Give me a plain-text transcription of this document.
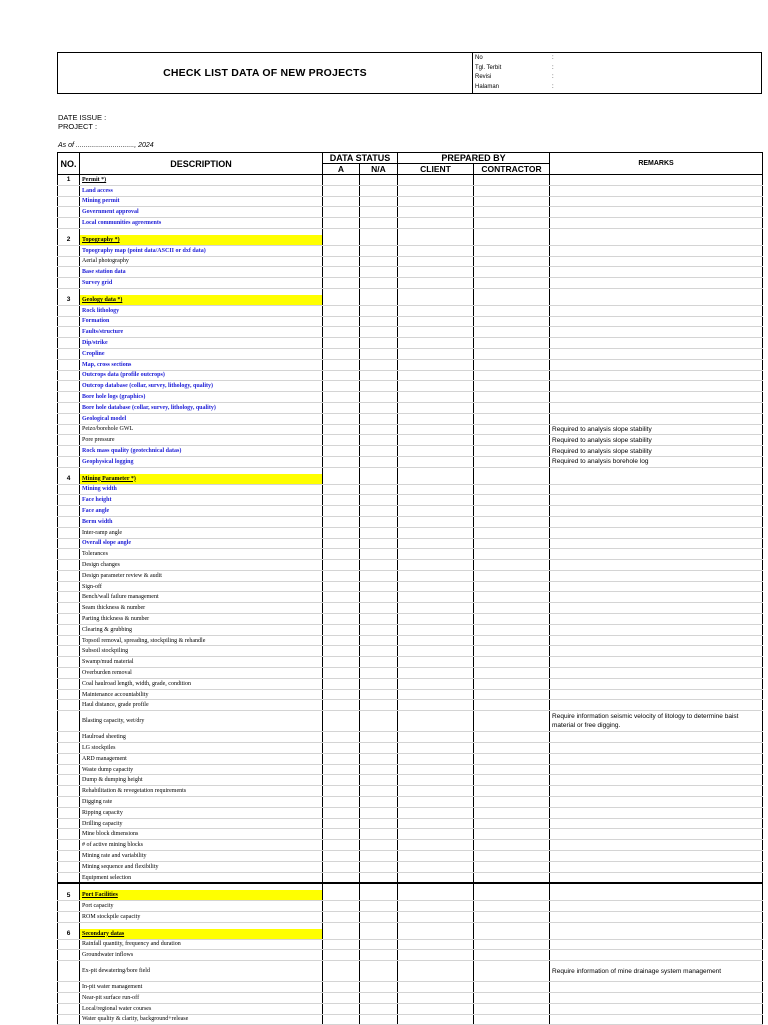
CHECK LIST DATA OF NEW PROJECTS
No	:
Tgl. Terbit	:
Revisi	:
Halaman	:
DATE ISSUE :
PROJECT :
As of .............................., 2024
NO.	DESCRIPTION	DATA STATUS		PREPARED BY		REMARKS
		A	N/A	CLIENT	CONTRACTOR	
1	Permit *)					
	Land access					
	Mining permit					
	Government approval					
	Local communities agreements					

2	Topography *)					
	Topography map (point data/ASCII or dxf data)					
	Aerial photography					
	Base station data					
	Survey grid					

3	Geology data *)					
	Rock lithology					
	Formation					
	Faults/structure					
	Dip/strike					
	Cropline					
	Map, cross sections					
	Outcrops data (profile outcrops)					
	Outcrop database (collar, survey, lithology, quality)					
	Bore hole logs (graphics)					
	Bore hole database (collar, survey, lithology, quality)					
	Geological model					
	Peizo/borehole GWL					Required to analysis slope stability
	Pore pressure					Required to analysis slope stability
	Rock mass quality (geotechnical datas)					Required to analysis slope stability
	Geophysical logging					Required to analysis borehole log

4	Mining Parameter *)					
	Mining width					
	Face height					
	Face angle					
	Berm width					
	Inter-ramp angle					
	Overall slope angle					
	Tolerances					
	Design changes					
	Design parameter review & audit					
	Sign-off					
	Bench/wall failure management					
	Seam thickness & number					
	Parting thickness & number					
	Clearing & grubbing					
	Topsoil removal, spreading, stockpiling & rehandle					
	Subsoil stockpiling					
	Swamp/mud material					
	Overburden removal					
	Coal haulroad length, width, grade, condition					
	Maintenance accountability					
	Haul distance, grade profile					
	Blasting capacity, wet/dry					Require information seismic velocity of litology to determine baist material or free digging.
	Haulroad sheeting					
	LG stockpiles					
	ARD management					
	Waste dump capacity					
	Dump & dumping height					
	Rehabilitation & revegetation requirements					
	Digging rate					
	Ripping capacity					
	Drilling capacity					
	Mine block dimensions					
	# of active mining blocks					
	Mining rate and variability					
	Mining sequence and flexibility					
	Equipment selection					

5	Port Facilities					
	Port capacity					
	ROM stockpile capacity					

6	Secondary datas					
	Rainfall quantity, frequency and duration					
	Groundwater inflows					
	Ex-pit dewatering/bore field					Require information of mine drainage system management
	In-pit water management					
	Near-pit surface run-off					
	Local/regional water courses					
	Water quality & clarity, background+release					
